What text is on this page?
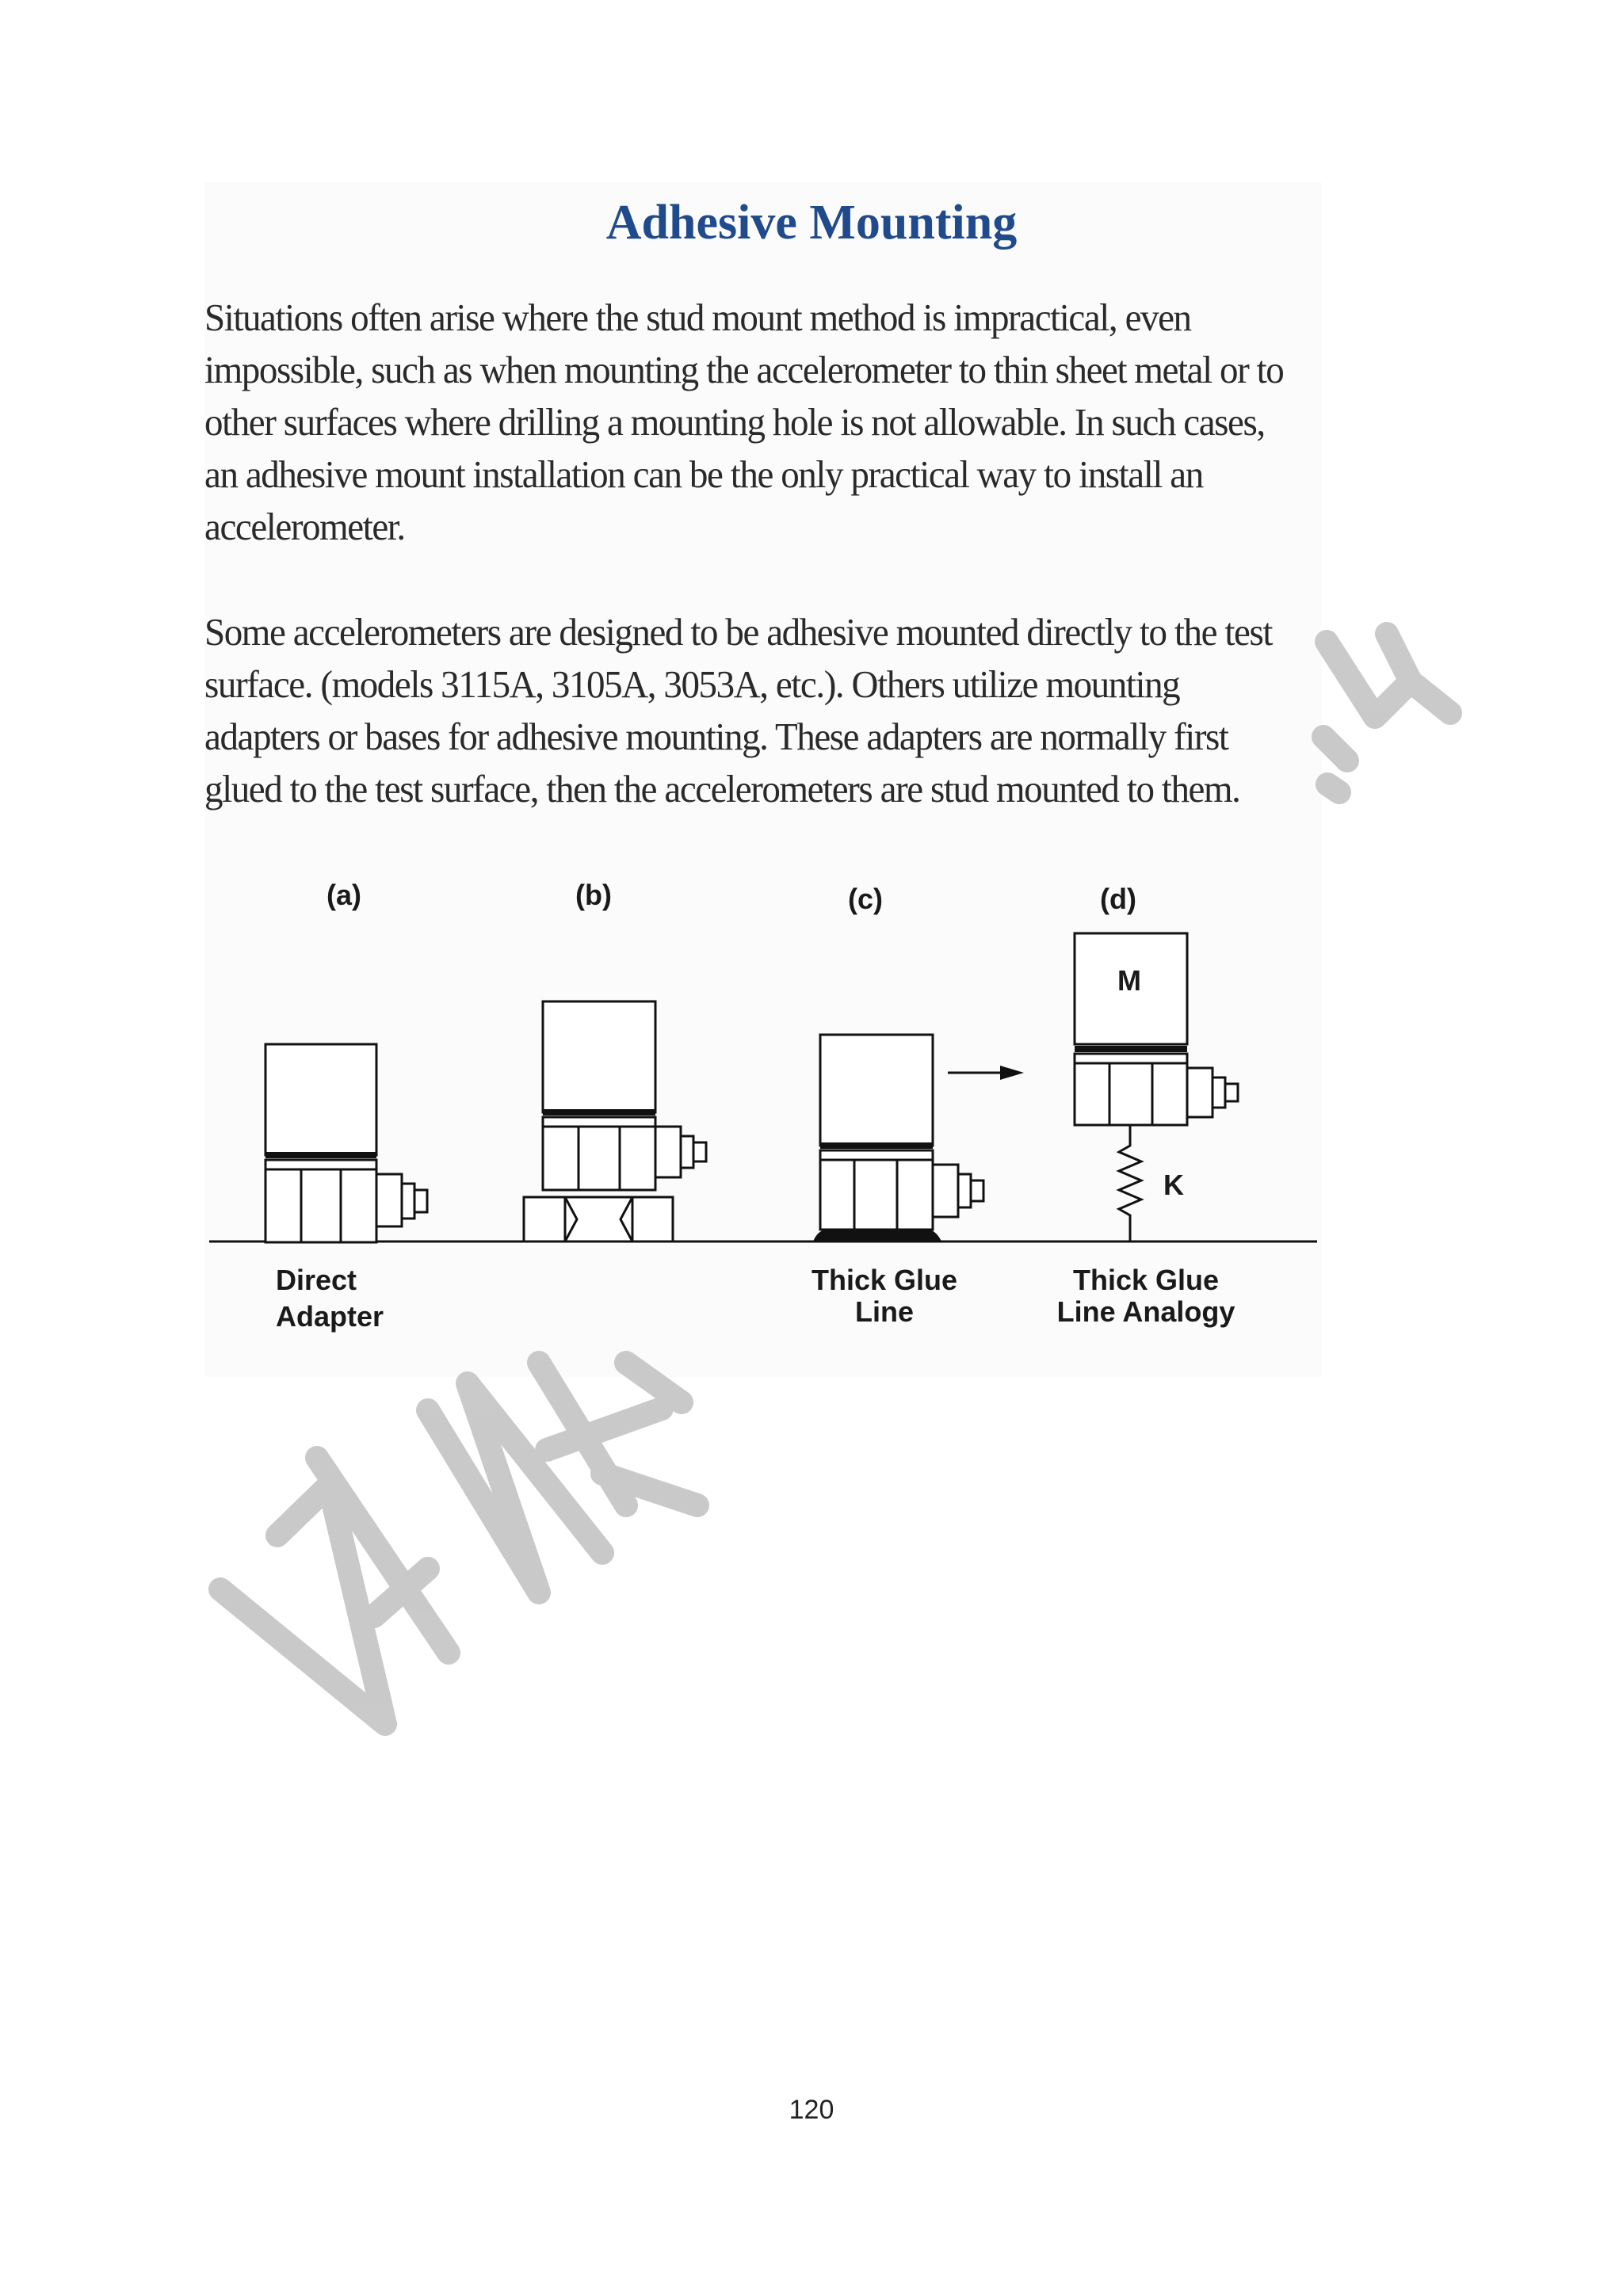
Adhesive Mounting

Situations often arise where the stud mount method is impractical, even impossible, such as when mounting the accelerometer to thin sheet metal or to other surfaces where drilling a mounting hole is not allowable. In such cases, an adhesive mount installation can be the only practical way to install an accelerometer.

Some accelerometers are designed to be adhesive mounted directly to the test surface. (models 3115A, 3105A, 3053A, etc.). Others utilize mounting adapters or bases for adhesive mounting. These adapters are normally first glued to the test surface, then the accelerometers are stud mounted to them.

(a)	(b)	(c)	(d)
M
K
Direct
Adapter
Thick Glue
Line
Thick Glue
Line Analogy
120
